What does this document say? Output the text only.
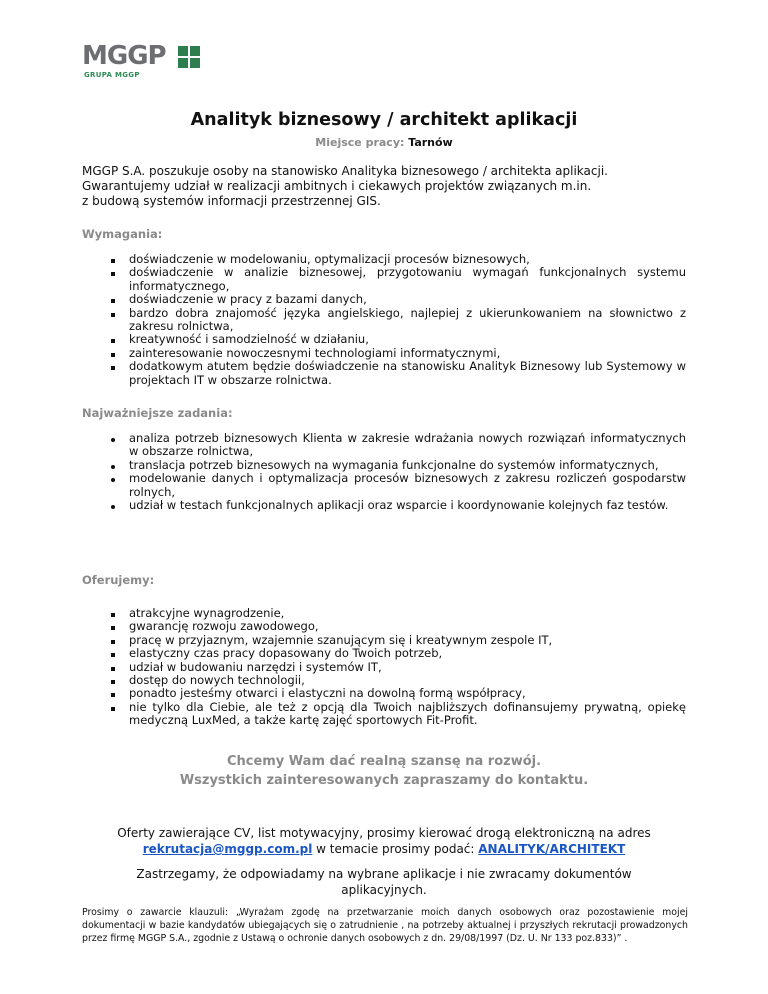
MGGP
GRUPA MGGP
Analityk biznesowy / architekt aplikacji
Miejsce pracy: Tarnów
MGGP S.A. poszukuje osoby na stanowisko Analityka biznesowego / architekta aplikacji.
Gwarantujemy udział w realizacji ambitnych i ciekawych projektów związanych m.in.
z budową systemów informacji przestrzennej GIS.
Wymagania:
doświadczenie w modelowaniu, optymalizacji procesów biznesowych,
doświadczenie w analizie biznesowej, przygotowaniu wymagań funkcjonalnych systemu informatycznego,
doświadczenie w pracy z bazami danych,
bardzo dobra znajomość języka angielskiego, najlepiej z ukierunkowaniem na słownictwo z zakresu rolnictwa,
kreatywność i samodzielność w działaniu,
zainteresowanie nowoczesnymi technologiami informatycznymi,
dodatkowym atutem będzie doświadczenie na stanowisku Analityk Biznesowy lub Systemowy w projektach IT w obszarze rolnictwa.
Najważniejsze zadania:
analiza potrzeb biznesowych Klienta w zakresie wdrażania nowych rozwiązań informatycznych w obszarze rolnictwa,
translacja potrzeb biznesowych na wymagania funkcjonalne do systemów informatycznych,
modelowanie danych i optymalizacja procesów biznesowych z zakresu rozliczeń gospodarstw rolnych,
udział w testach funkcjonalnych aplikacji oraz wsparcie i koordynowanie kolejnych faz testów.
Oferujemy:
atrakcyjne wynagrodzenie,
gwarancję rozwoju zawodowego,
pracę w przyjaznym, wzajemnie szanującym się i kreatywnym zespole IT,
elastyczny czas pracy dopasowany do Twoich potrzeb,
udział w budowaniu narzędzi i systemów IT,
dostęp do nowych technologii,
ponadto jesteśmy otwarci i elastyczni na dowolną formą współpracy,
nie tylko dla Ciebie, ale też z opcją dla Twoich najbliższych dofinansujemy prywatną, opiekę medyczną LuxMed, a także kartę zajęć sportowych Fit-Profit.
Chcemy Wam dać realną szansę na rozwój.
Wszystkich zainteresowanych zapraszamy do kontaktu.
Oferty zawierające CV, list motywacyjny, prosimy kierować drogą elektroniczną na adres
rekrutacja@mggp.com.pl w temacie prosimy podać: ANALITYK/ARCHITEKT
Zastrzegamy, że odpowiadamy na wybrane aplikacje i nie zwracamy dokumentów
aplikacyjnych.
Prosimy o zawarcie klauzuli: „Wyrażam zgodę na przetwarzanie moich danych osobowych oraz pozostawienie mojej dokumentacji w bazie kandydatów ubiegających się o zatrudnienie , na potrzeby aktualnej i przyszłych rekrutacji prowadzonych przez firmę MGGP S.A., zgodnie z Ustawą o ochronie danych osobowych z dn. 29/08/1997 (Dz. U. Nr 133 poz.833)” .
